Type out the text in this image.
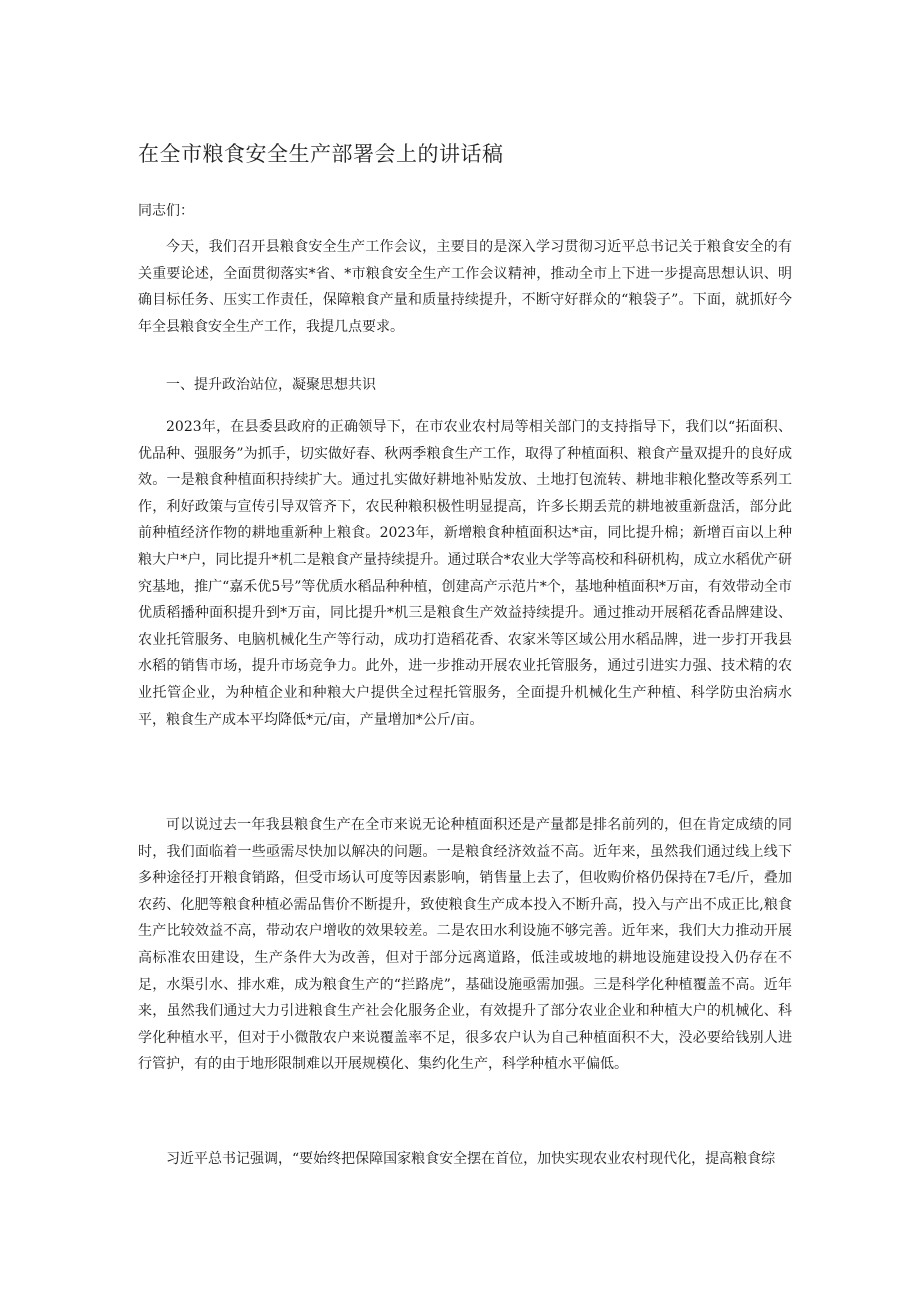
在全市粮食安全生产部署会上的讲话稿
同志们：

今天，我们召开县粮食安全生产工作会议，主要目的是深入学习贯彻习近平总书记关于粮食安全的有关重要论述，全面贯彻落实*省、*市粮食安全生产工作会议精神，推动全市上下进一步提高思想认识、明确目标任务、压实工作责任，保障粮食产量和质量持续提升，不断守好群众的“粮袋子”。下面，就抓好今年全县粮食安全生产工作，我提几点要求。

一、提升政治站位，凝聚思想共识

2023年，在县委县政府的正确领导下，在市农业农村局等相关部门的支持指导下，我们以“拓面积、优品种、强服务”为抓手，切实做好春、秋两季粮食生产工作，取得了种植面积、粮食产量双提升的良好成效。一是粮食种植面积持续扩大。通过扎实做好耕地补贴发放、土地打包流转、耕地非粮化整改等系列工作，利好政策与宣传引导双管齐下，农民种粮积极性明显提高，许多长期丢荒的耕地被重新盘活，部分此前种植经济作物的耕地重新种上粮食。2023年，新增粮食种植面积达*亩，同比提升棉；新增百亩以上种粮大户*户，同比提升*机二是粮食产量持续提升。通过联合*农业大学等高校和科研机构，成立水稻优产研究基地，推广“嘉禾优5号”等优质水稻品种种植，创建高产示范片*个，基地种植面积*万亩，有效带动全市优质稻播种面积提升到*万亩，同比提升*机三是粮食生产效益持续提升。通过推动开展稻花香品牌建设、农业托管服务、电脑机械化生产等行动，成功打造稻花香、农家米等区域公用水稻品牌，进一步打开我县水稻的销售市场，提升市场竞争力。此外，进一步推动开展农业托管服务，通过引进实力强、技术精的农业托管企业，为种植企业和种粮大户提供全过程托管服务，全面提升机械化生产种植、科学防虫治病水平，粮食生产成本平均降低*元/亩，产量增加*公斤/亩。

可以说过去一年我县粮食生产在全市来说无论种植面积还是产量都是排名前列的，但在肯定成绩的同时，我们面临着一些亟需尽快加以解决的问题。一是粮食经济效益不高。近年来，虽然我们通过线上线下多种途径打开粮食销路，但受市场认可度等因素影响，销售量上去了，但收购价格仍保持在7毛/斤，叠加农药、化肥等粮食种植必需品售价不断提升，致使粮食生产成本投入不断升高，投入与产出不成正比,粮食生产比较效益不高，带动农户增收的效果较差。二是农田水利设施不够完善。近年来，我们大力推动开展高标准农田建设，生产条件大为改善，但对于部分远离道路，低洼或坡地的耕地设施建设投入仍存在不足，水渠引水、排水难，成为粮食生产的“拦路虎”，基础设施亟需加强。三是科学化种植覆盖不高。近年来，虽然我们通过大力引进粮食生产社会化服务企业，有效提升了部分农业企业和种植大户的机械化、科学化种植水平，但对于小微散农户来说覆盖率不足，很多农户认为自己种植面积不大，没必要给钱别人进行管护，有的由于地形限制难以开展规模化、集约化生产，科学种植水平偏低。

习近平总书记强调，“要始终把保障国家粮食安全摆在首位，加快实现农业农村现代化，提高粮食综
